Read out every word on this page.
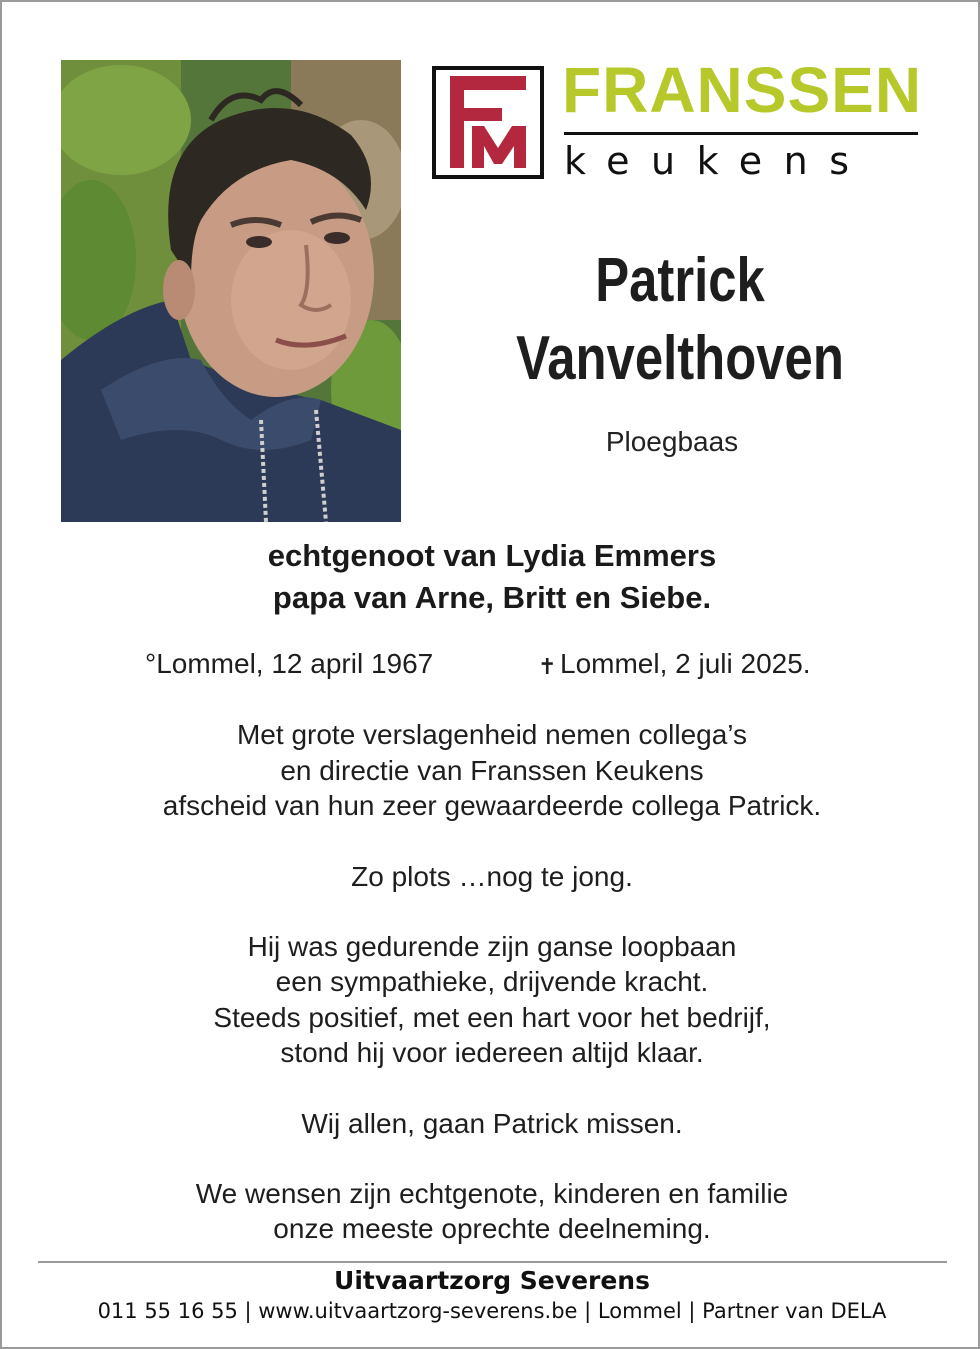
FRANSSEN
keukens
Patrick
Vanvelthoven
Ploegbaas
echtgenoot van Lydia Emmers
papa van Arne, Britt en Siebe.
°Lommel, 12 april 1967	✝ Lommel, 2 juli 2025.
Met grote verslagenheid nemen collega’s
en directie van Franssen Keukens
afscheid van hun zeer gewaardeerde collega Patrick.
Zo plots …nog te jong.
Hij was gedurende zijn ganse loopbaan
een sympathieke, drijvende kracht.
Steeds positief, met een hart voor het bedrijf,
stond hij voor iedereen altijd klaar.
Wij allen, gaan Patrick missen.
We wensen zijn echtgenote, kinderen en familie
onze meeste oprechte deelneming.
Uitvaartzorg Severens
011 55 16 55 | www.uitvaartzorg-severens.be | Lommel | Partner van DELA
